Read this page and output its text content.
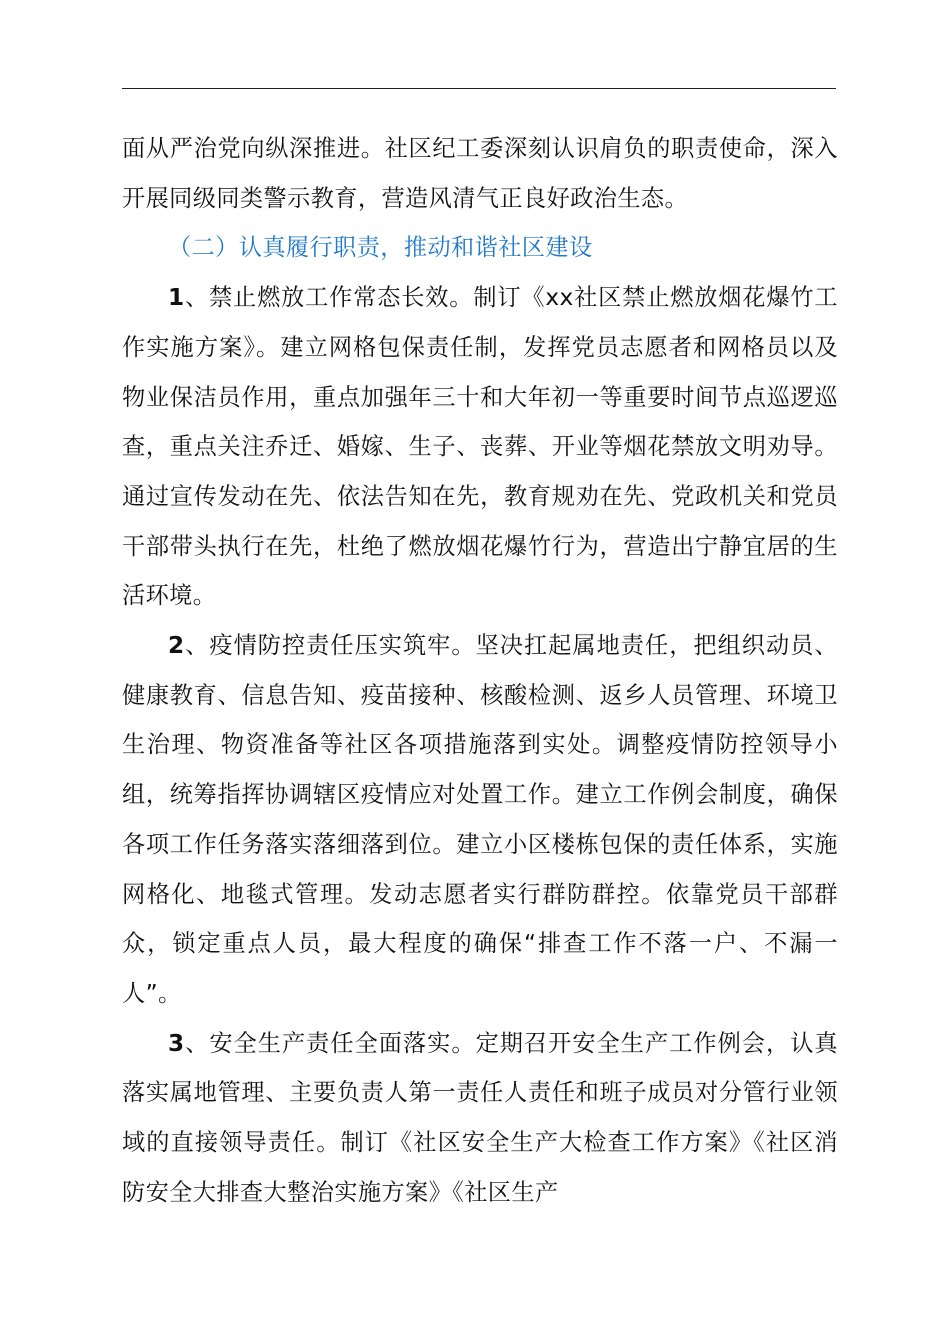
面从严治党向纵深推进。社区纪工委深刻认识肩负的职责使命，深入开展同级同类警示教育，营造风清气正良好政治生态。

（二）认真履行职责，推动和谐社区建设

1、禁止燃放工作常态长效。制订《xx社区禁止燃放烟花爆竹工作实施方案》。建立网格包保责任制，发挥党员志愿者和网格员以及物业保洁员作用，重点加强年三十和大年初一等重要时间节点巡逻巡查，重点关注乔迁、婚嫁、生子、丧葬、开业等烟花禁放文明劝导。通过宣传发动在先、依法告知在先，教育规劝在先、党政机关和党员干部带头执行在先，杜绝了燃放烟花爆竹行为，营造出宁静宜居的生活环境。

2、疫情防控责任压实筑牢。坚决扛起属地责任，把组织动员、健康教育、信息告知、疫苗接种、核酸检测、返乡人员管理、环境卫生治理、物资准备等社区各项措施落到实处。调整疫情防控领导小组，统筹指挥协调辖区疫情应对处置工作。建立工作例会制度，确保各项工作任务落实落细落到位。建立小区楼栋包保的责任体系，实施网格化、地毯式管理。发动志愿者实行群防群控。依靠党员干部群众，锁定重点人员，最大程度的确保“排查工作不落一户、不漏一人”。

3、安全生产责任全面落实。定期召开安全生产工作例会，认真落实属地管理、主要负责人第一责任人责任和班子成员对分管行业领域的直接领导责任。制订《社区安全生产大检查工作方案》《社区消防安全大排查大整治实施方案》《社区生产
